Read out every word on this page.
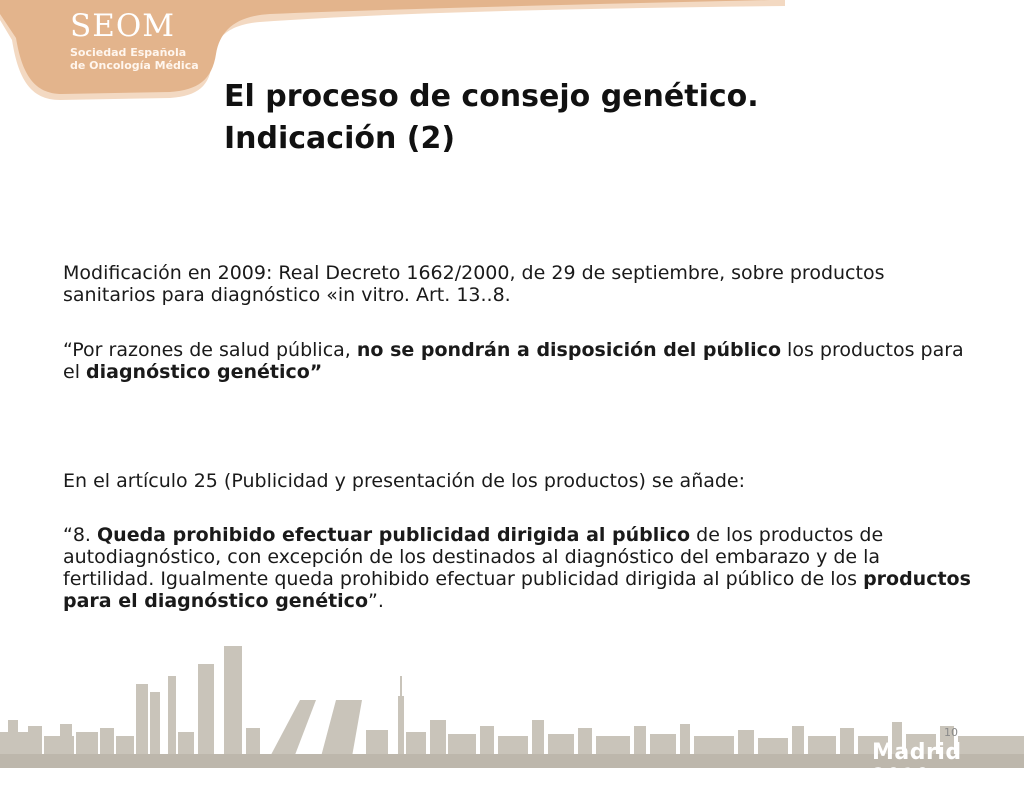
SEOM
Sociedad Española
de Oncología Médica
El proceso de consejo genético.
Indicación (2)

Modificación en 2009: Real Decreto 1662/2000, de 29 de septiembre, sobre productos sanitarios para diagnóstico «in vitro. Art. 13..8.

“Por razones de salud pública, no se pondrán a disposición del público los productos para el diagnóstico genético”

En el artículo 25 (Publicidad y presentación de los productos) se añade:

“8. Queda prohibido efectuar publicidad dirigida al público de los productos de autodiagnóstico, con excepción de los destinados al diagnóstico del embarazo y de la fertilidad. Igualmente queda prohibido efectuar publicidad dirigida al público de los productos para el diagnóstico genético”.

10
Madrid 2010
